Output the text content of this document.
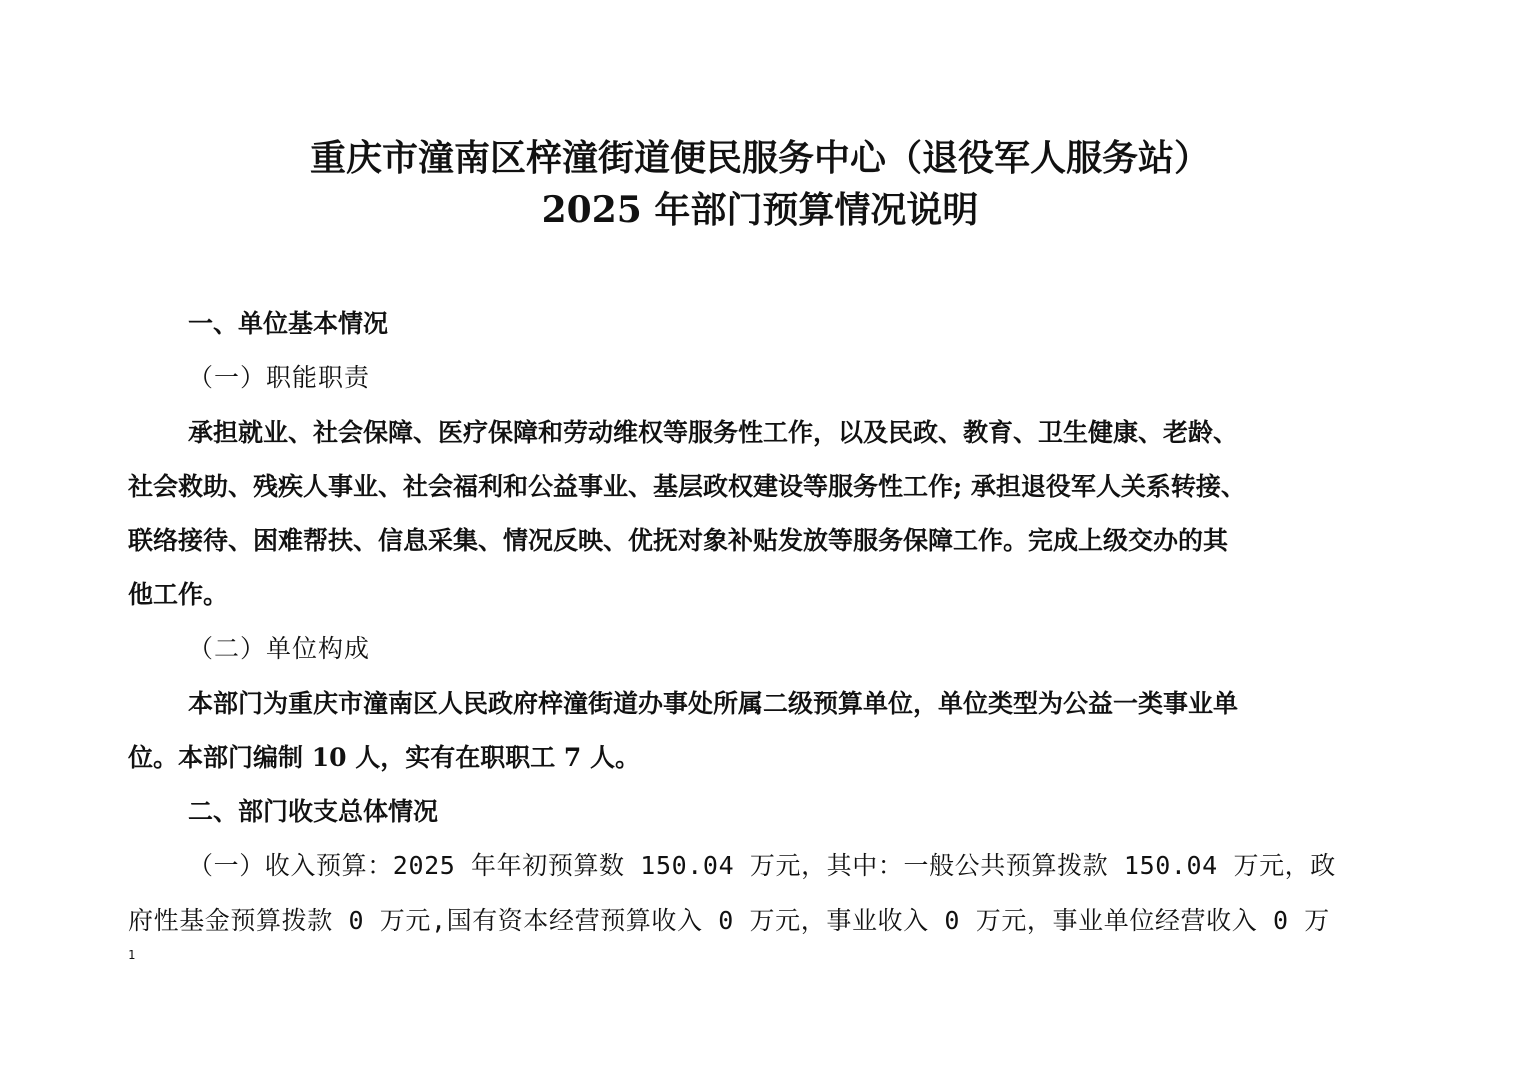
重庆市潼南区梓潼街道便民服务中心（退役军人服务站）
2025 年部门预算情况说明
一、单位基本情况
（一）职能职责
承担就业、社会保障、医疗保障和劳动维权等服务性工作，以及民政、教育、卫生健康、老龄、
社会救助、残疾人事业、社会福利和公益事业、基层政权建设等服务性工作; 承担退役军人关系转接、
联络接待、困难帮扶、信息采集、情况反映、优抚对象补贴发放等服务保障工作。完成上级交办的其
他工作。
（二）单位构成
本部门为重庆市潼南区人民政府梓潼街道办事处所属二级预算单位，单位类型为公益一类事业单
位。本部门编制 10 人，实有在职职工 7 人。
二、部门收支总体情况
（一）收入预算：2025 年年初预算数 150.04 万元，其中：一般公共预算拨款 150.04 万元，政
府性基金预算拨款 0 万元,国有资本经营预算收入 0 万元，事业收入 0 万元，事业单位经营收入 0 万
1
